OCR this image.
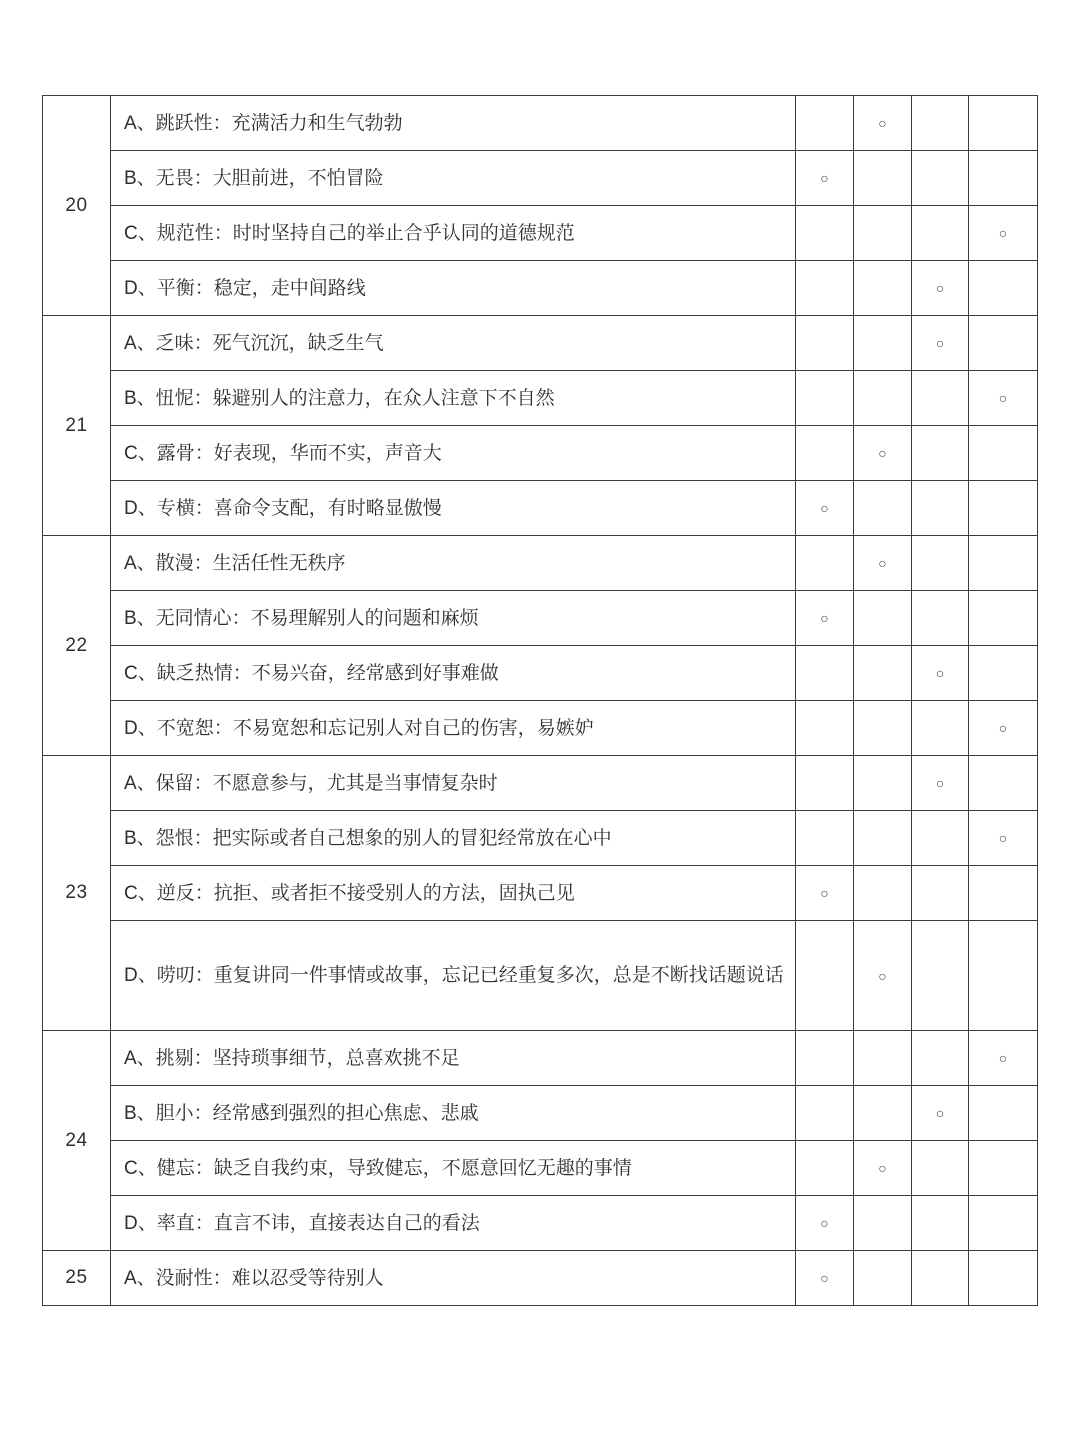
20	A、跳跃性：充满活力和生气勃勃		○		
	B、无畏：大胆前进，不怕冒险	○			
	C、规范性：时时坚持自己的举止合乎认同的道德规范				○
	D、平衡：稳定，走中间路线			○	
21	A、乏味：死气沉沉，缺乏生气			○	
	B、忸怩：躲避别人的注意力，在众人注意下不自然				○
	C、露骨：好表现，华而不实，声音大		○		
	D、专横：喜命令支配，有时略显傲慢	○			
22	A、散漫：生活任性无秩序		○		
	B、无同情心：不易理解别人的问题和麻烦	○			
	C、缺乏热情：不易兴奋，经常感到好事难做			○	
	D、不宽恕：不易宽恕和忘记别人对自己的伤害，易嫉妒				○
23	A、保留：不愿意参与，尤其是当事情复杂时			○	
	B、怨恨：把实际或者自己想象的别人的冒犯经常放在心中				○
	C、逆反：抗拒、或者拒不接受别人的方法，固执己见	○			
	D、唠叨：重复讲同一件事情或故事，忘记已经重复多次，总是不断找话题说话		○		
24	A、挑剔：坚持琐事细节，总喜欢挑不足				○
	B、胆小：经常感到强烈的担心焦虑、悲戚			○	
	C、健忘：缺乏自我约束，导致健忘，不愿意回忆无趣的事情		○		
	D、率直：直言不讳，直接表达自己的看法	○			
25	A、没耐性：难以忍受等待别人	○			
